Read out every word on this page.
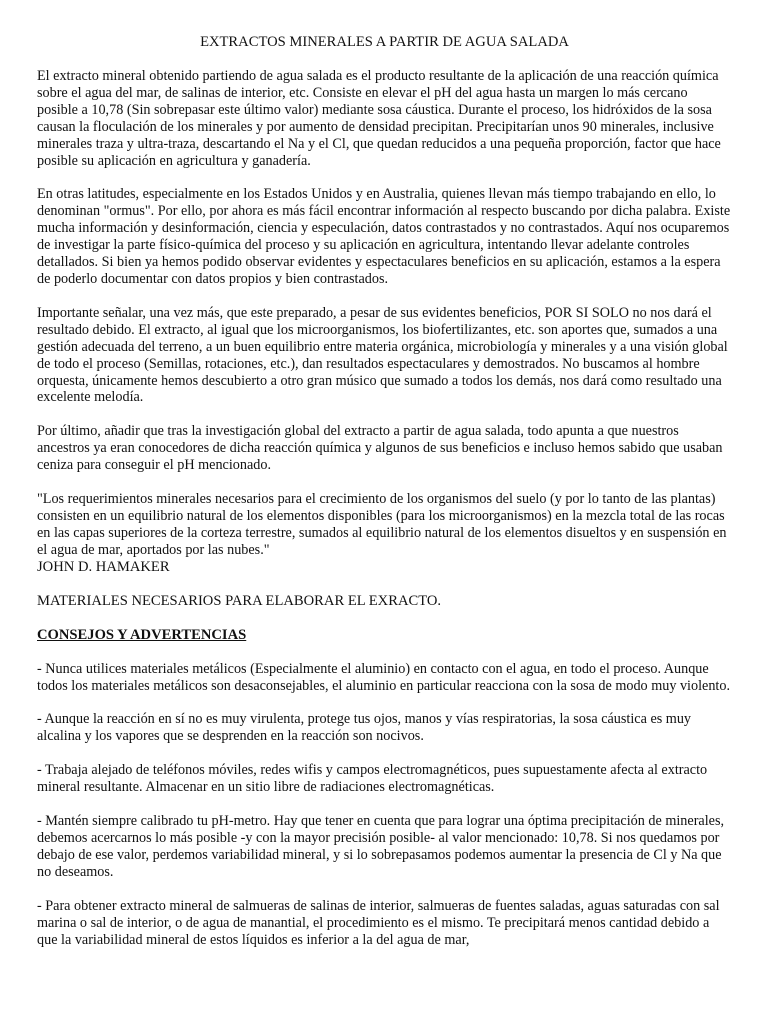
EXTRACTOS MINERALES A PARTIR DE AGUA SALADA

El extracto mineral obtenido partiendo de agua salada es el producto resultante de la aplicación de una reacción química sobre el agua del mar, de salinas de interior, etc. Consiste en elevar el pH del agua hasta un margen lo más cercano posible a 10,78 (Sin sobrepasar este último valor) mediante sosa cáustica. Durante el proceso, los hidróxidos de la sosa causan la floculación de los minerales y por aumento de densidad precipitan. Precipitarían unos 90 minerales, inclusive minerales traza y ultra-traza, descartando el Na y el Cl, que quedan reducidos a una pequeña proporción, factor que hace posible su aplicación en agricultura y ganadería.

En otras latitudes, especialmente en los Estados Unidos y en Australia, quienes llevan más tiempo trabajando en ello, lo denominan "ormus". Por ello, por ahora es más fácil encontrar información al respecto buscando por dicha palabra. Existe mucha información y desinformación, ciencia y especulación, datos contrastados y no contrastados. Aquí nos ocuparemos de investigar la parte físico-química del proceso y su aplicación en agricultura, intentando llevar adelante controles detallados. Si bien ya hemos podido observar evidentes y espectaculares beneficios en su aplicación, estamos a la espera de poderlo documentar con datos propios y bien contrastados.

Importante señalar, una vez más, que este preparado, a pesar de sus evidentes beneficios, POR SI SOLO no nos dará el resultado debido. El extracto, al igual que los microorganismos, los biofertilizantes, etc. son aportes que, sumados a una gestión adecuada del terreno, a un buen equilibrio entre materia orgánica, microbiología y minerales y a una visión global de todo el proceso (Semillas, rotaciones, etc.), dan resultados espectaculares y demostrados. No buscamos al hombre orquesta, únicamente hemos descubierto a otro gran músico que sumado a todos los demás, nos dará como resultado una excelente melodía.

Por último, añadir que tras la investigación global del extracto a partir de agua salada, todo apunta a que nuestros ancestros ya eran conocedores de dicha reacción química y algunos de sus beneficios e incluso hemos sabido que usaban ceniza para conseguir el pH mencionado.

"Los requerimientos minerales necesarios para el crecimiento de los organismos del suelo (y por lo tanto de las plantas) consisten en un equilibrio natural de los elementos disponibles (para los microorganismos) en la mezcla total de las rocas en las capas superiores de la corteza terrestre, sumados al equilibrio natural de los elementos disueltos y en suspensión en el agua de mar, aportados por las nubes."

JOHN D. HAMAKER
MATERIALES NECESARIOS PARA ELABORAR EL EXRACTO.
CONSEJOS Y ADVERTENCIAS

- Nunca utilices materiales metálicos (Especialmente el aluminio) en contacto con el agua, en todo el proceso. Aunque todos los materiales metálicos son desaconsejables, el aluminio en particular reacciona con la sosa de modo muy violento.

- Aunque la reacción en sí no es muy virulenta, protege tus ojos, manos y vías respiratorias, la sosa cáustica es muy alcalina y los vapores que se desprenden en la reacción son nocivos.

- Trabaja alejado de teléfonos móviles, redes wifis y campos electromagnéticos, pues supuestamente afecta al extracto mineral resultante. Almacenar en un sitio libre de radiaciones electromagnéticas.

- Mantén siempre calibrado tu pH-metro. Hay que tener en cuenta que para lograr una óptima precipitación de minerales, debemos acercarnos lo más posible -y con la mayor precisión posible- al valor mencionado: 10,78. Si nos quedamos por debajo de ese valor, perdemos variabilidad mineral, y si lo sobrepasamos podemos aumentar la presencia de Cl y Na que no deseamos.

- Para obtener extracto mineral de salmueras de salinas de interior, salmueras de fuentes saladas, aguas saturadas con sal marina o sal de interior, o de agua de manantial, el procedimiento es el mismo. Te precipitará menos cantidad debido a que la variabilidad mineral de estos líquidos es inferior a la del agua de mar,
